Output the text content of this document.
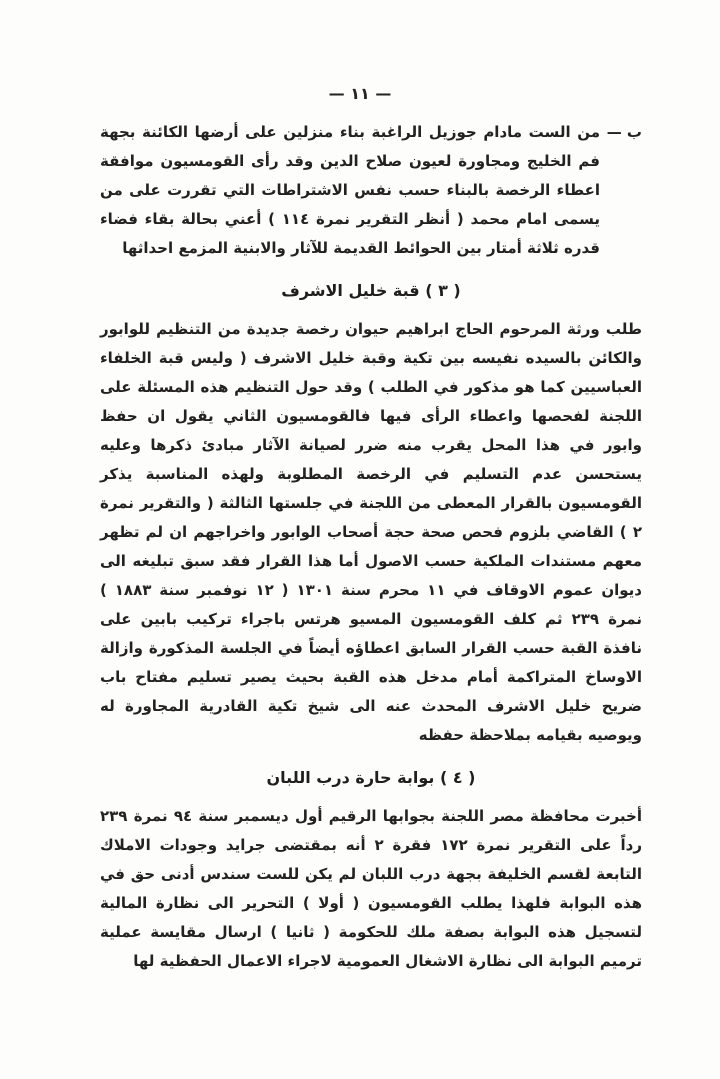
— ١١ —
ب —
من الست مادام جوزيل الراغبة بناء منزلين على أرضها الكائنة بجهة فم الخليج ومجاورة لعيون صلاح الدين وقد رأى القومسيون موافقة اعطاء الرخصة بالبناء حسب نفس الاشتراطات التي تقررت على من يسمى امام محمد ( أنظر التقرير نمرة ١١٤ ) أعني بحالة بقاء فضاء قدره ثلاثة أمتار بين الحوائط القديمة للآثار والابنية المزمع احداثها
( ٣ ) قبة خليل الاشرف
طلب ورثة المرحوم الحاج ابراهيم حيوان رخصة جديدة من التنظيم للوابور والكائن بالسيده نفيسه بين تكية وقبة خليل الاشرف ( وليس قبة الخلفاء العباسيين كما هو مذكور في الطلب ) وقد حول التنظيم هذه المسئلة على اللجنة لفحصها واعطاء الرأى فيها فالقومسيون الثاني يقول ان حفظ وابور في هذا المحل يقرب منه ضرر لصيانة الآثار مبادئ ذكرها وعليه يستحسن عدم التسليم في الرخصة المطلوبة ولهذه المناسبة يذكر القومسيون بالقرار المعطى من اللجنة في جلستها الثالثة ( والتقرير نمرة ٢ ) القاضي بلزوم فحص صحة حجة أصحاب الوابور واخراجهم ان لم تظهر معهم مستندات الملكية حسب الاصول أما هذا القرار فقد سبق تبليغه الى ديوان عموم الاوقاف في ١١ محرم سنة ١٣٠١ ( ١٢ نوفمبر سنة ١٨٨٣ ) نمرة ٢٣٩ ثم كلف القومسيون المسيو هرتس باجراء تركيب بابين على نافذة القبة حسب القرار السابق اعطاؤه أيضاً في الجلسة المذكورة وازالة الاوساخ المتراكمة أمام مدخل هذه القبة بحيث يصير تسليم مفتاح باب ضريح خليل الاشرف المحدث عنه الى شيخ تكية القادرية المجاورة له ويوصيه بقيامه بملاحظة حفظه
( ٤ ) بوابة حارة درب اللبان
أخبرت محافظة مصر اللجنة بجوابها الرقيم أول ديسمبر سنة ٩٤ نمرة ٢٣٩ رداً على التقرير نمرة ١٧٢ فقرة ٢ أنه بمقتضى جرايد وجودات الاملاك التابعة لقسم الخليفة بجهة درب اللبان لم يكن للست سندس أدنى حق في هذه البوابة فلهذا يطلب القومسيون ( أولا ) التحرير الى نظارة المالية لتسجيل هذه البوابة بصفة ملك للحكومة ( ثانيا ) ارسال مقايسة عملية ترميم البوابة الى نظارة الاشغال العمومية لاجراء الاعمال الحفظية لها
